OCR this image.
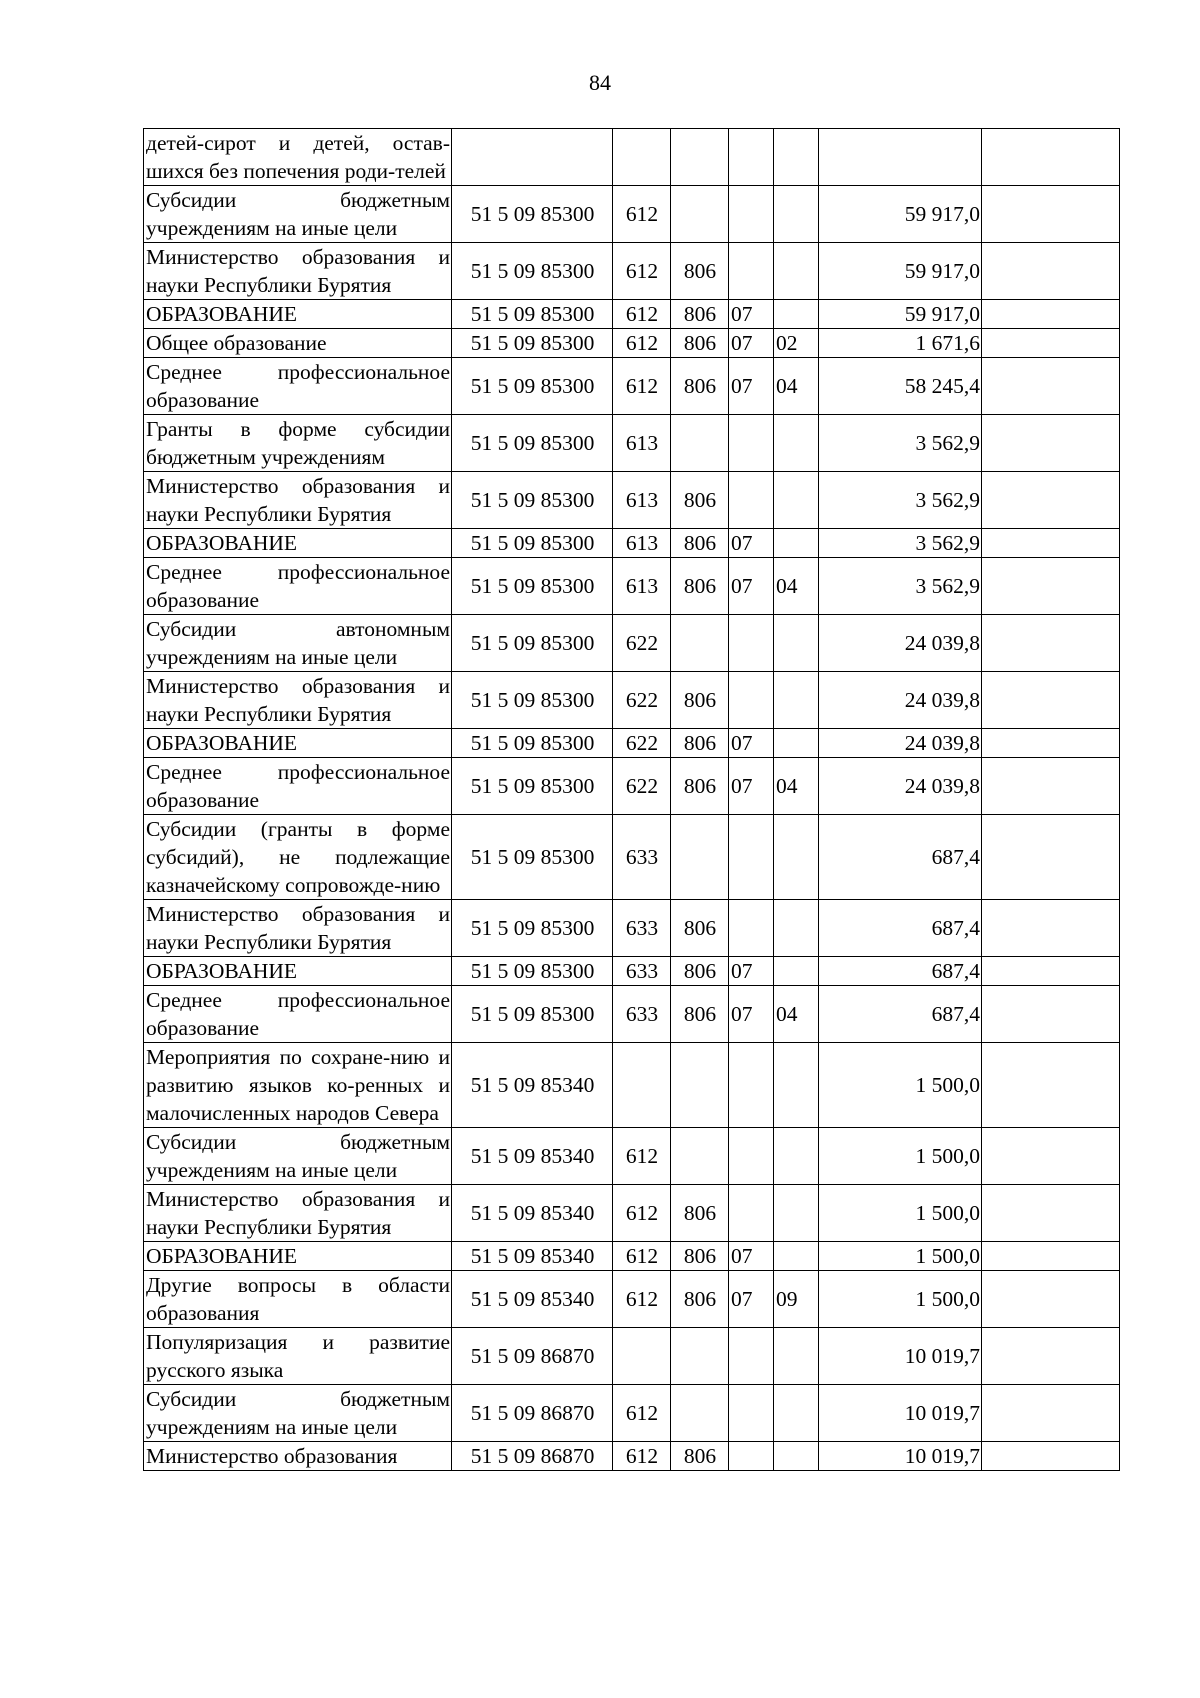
84
детей-сирот и детей, остав-шихся без попечения роди-телей							
Субсидии бюджетным учреждениям на иные цели	51 5 09 85300	612				59 917,0	
Министерство образования и науки Республики Бурятия	51 5 09 85300	612	806			59 917,0	
ОБРАЗОВАНИЕ	51 5 09 85300	612	806	07		59 917,0	
Общее образование	51 5 09 85300	612	806	07	02	1 671,6	
Среднее профессиональное образование	51 5 09 85300	612	806	07	04	58 245,4	
Гранты в форме субсидии бюджетным учреждениям	51 5 09 85300	613				3 562,9	
Министерство образования и науки Республики Бурятия	51 5 09 85300	613	806			3 562,9	
ОБРАЗОВАНИЕ	51 5 09 85300	613	806	07		3 562,9	
Среднее профессиональное образование	51 5 09 85300	613	806	07	04	3 562,9	
Субсидии автономным учреждениям на иные цели	51 5 09 85300	622				24 039,8	
Министерство образования и науки Республики Бурятия	51 5 09 85300	622	806			24 039,8	
ОБРАЗОВАНИЕ	51 5 09 85300	622	806	07		24 039,8	
Среднее профессиональное образование	51 5 09 85300	622	806	07	04	24 039,8	
Субсидии (гранты в форме субсидий), не подлежащие казначейскому сопровожде-нию	51 5 09 85300	633				687,4	
Министерство образования и науки Республики Бурятия	51 5 09 85300	633	806			687,4	
ОБРАЗОВАНИЕ	51 5 09 85300	633	806	07		687,4	
Среднее профессиональное образование	51 5 09 85300	633	806	07	04	687,4	
Мероприятия по сохране-нию и развитию языков ко-ренных и малочисленных народов Севера	51 5 09 85340					1 500,0	
Субсидии бюджетным учреждениям на иные цели	51 5 09 85340	612				1 500,0	
Министерство образования и науки Республики Бурятия	51 5 09 85340	612	806			1 500,0	
ОБРАЗОВАНИЕ	51 5 09 85340	612	806	07		1 500,0	
Другие вопросы в области образования	51 5 09 85340	612	806	07	09	1 500,0	
Популяризация и развитие русского языка	51 5 09 86870					10 019,7	
Субсидии бюджетным учреждениям на иные цели	51 5 09 86870	612				10 019,7	
Министерство образования	51 5 09 86870	612	806			10 019,7	
